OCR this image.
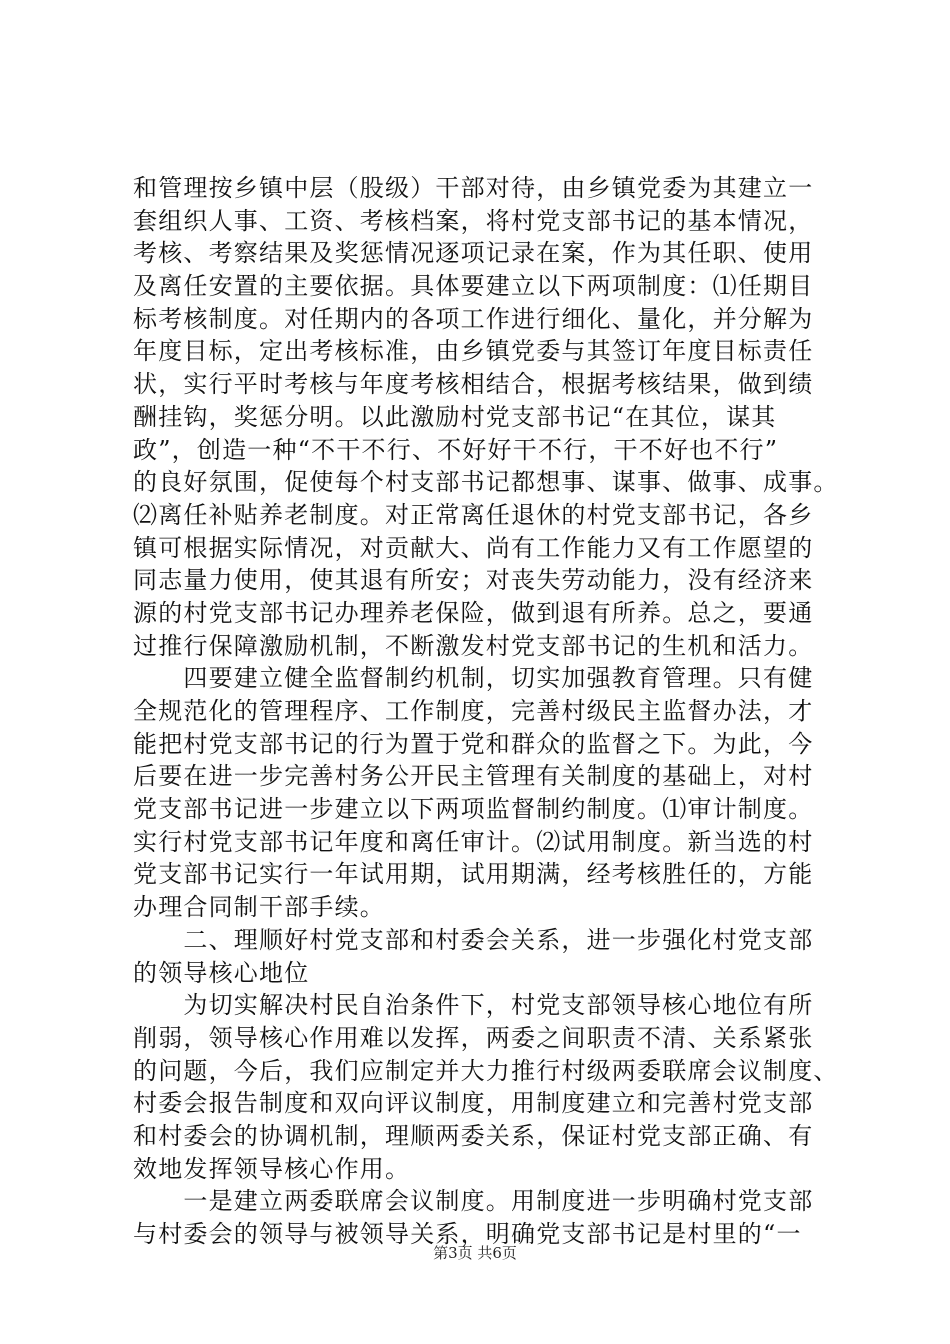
和管理按乡镇中层（股级）干部对待，由乡镇党委为其建立一
套组织人事、工资、考核档案，将村党支部书记的基本情况，
考核、考察结果及奖惩情况逐项记录在案，作为其任职、使用
及离任安置的主要依据。具体要建立以下两项制度：⑴任期目
标考核制度。对任期内的各项工作进行细化、量化，并分解为
年度目标，定出考核标准，由乡镇党委与其签订年度目标责任
状，实行平时考核与年度考核相结合，根据考核结果，做到绩
酬挂钩，奖惩分明。以此激励村党支部书记“在其位，谋其
政”，创造一种“不干不行、不好好干不行，干不好也不行”
的良好氛围，促使每个村支部书记都想事、谋事、做事、成事。
⑵离任补贴养老制度。对正常离任退休的村党支部书记，各乡
镇可根据实际情况，对贡献大、尚有工作能力又有工作愿望的
同志量力使用，使其退有所安；对丧失劳动能力，没有经济来
源的村党支部书记办理养老保险，做到退有所养。总之，要通
过推行保障激励机制，不断激发村党支部书记的生机和活力。
　　四要建立健全监督制约机制，切实加强教育管理。只有健
全规范化的管理程序、工作制度，完善村级民主监督办法，才
能把村党支部书记的行为置于党和群众的监督之下。为此，今
后要在进一步完善村务公开民主管理有关制度的基础上，对村
党支部书记进一步建立以下两项监督制约制度。⑴审计制度。
实行村党支部书记年度和离任审计。⑵试用制度。新当选的村
党支部书记实行一年试用期，试用期满，经考核胜任的，方能
办理合同制干部手续。
　　二、理顺好村党支部和村委会关系，进一步强化村党支部
的领导核心地位
　　为切实解决村民自治条件下，村党支部领导核心地位有所
削弱，领导核心作用难以发挥，两委之间职责不清、关系紧张
的问题，今后，我们应制定并大力推行村级两委联席会议制度、
村委会报告制度和双向评议制度，用制度建立和完善村党支部
和村委会的协调机制，理顺两委关系，保证村党支部正确、有
效地发挥领导核心作用。
　　一是建立两委联席会议制度。用制度进一步明确村党支部
与村委会的领导与被领导关系，明确党支部书记是村里的“一
第3页 共6页
